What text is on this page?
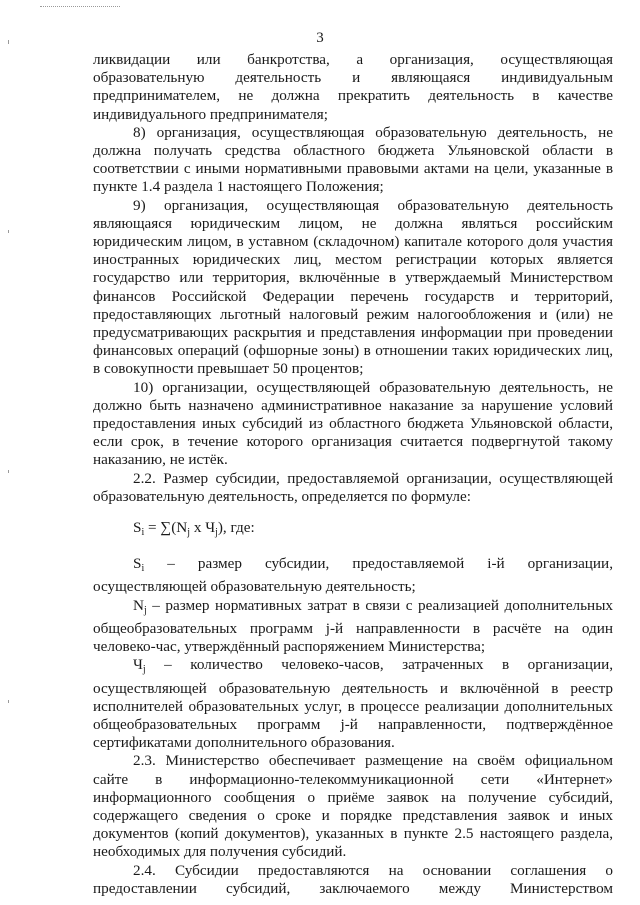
3

ликвидации или банкротства, а организация, осуществляющая образовательную деятельность и являющаяся индивидуальным предпринимателем, не должна прекратить деятельность в качестве индивидуального предпринимателя;

8) организация, осуществляющая образовательную деятельность, не должна получать средства областного бюджета Ульяновской области в соответствии с иными нормативными правовыми актами на цели, указанные в пункте 1.4 раздела 1 настоящего Положения;

9) организация, осуществляющая образовательную деятельность являющаяся юридическим лицом, не должна являться российским юридическим лицом, в уставном (складочном) капитале которого доля участия иностранных юридических лиц, местом регистрации которых является государство или территория, включённые в утверждаемый Министерством финансов Российской Федерации перечень государств и территорий, предоставляющих льготный налоговый режим налогообложения и (или) не предусматривающих раскрытия и представления информации при проведении финансовых операций (офшорные зоны) в отношении таких юридических лиц, в совокупности превышает 50 процентов;

10) организации, осуществляющей образовательную деятельность, не должно быть назначено административное наказание за нарушение условий предоставления иных субсидий из областного бюджета Ульяновской области, если срок, в течение которого организация считается подвергнутой такому наказанию, не истёк.

2.2. Размер субсидии, предоставляемой организации, осуществляющей образовательную деятельность, определяется по формуле:

$S_i = \sum(N_j$ x $Ч_j$), где:

$S_i$ – размер субсидии, предоставляемой i-й организации, осуществляющей образовательную деятельность;

$N_j$ – размер нормативных затрат в связи с реализацией дополнительных общеобразовательных программ j-й направленности в расчёте на один человеко-час, утверждённый распоряжением Министерства;

$Ч_j$ – количество человеко-часов, затраченных в организации, осуществляющей образовательную деятельность и включённой в реестр исполнителей образовательных услуг, в процессе реализации дополнительных общеобразовательных программ j-й направленности, подтверждённое сертификатами дополнительного образования.

2.3. Министерство обеспечивает размещение на своём официальном сайте в информационно-телекоммуникационной сети «Интернет» информационного сообщения о приёме заявок на получение субсидий, содержащего сведения о сроке и порядке представления заявок и иных документов (копий документов), указанных в пункте 2.5 настоящего раздела, необходимых для получения субсидий.

2.4. Субсидии предоставляются на основании соглашения о предоставлении субсидий, заключаемого между Министерством
